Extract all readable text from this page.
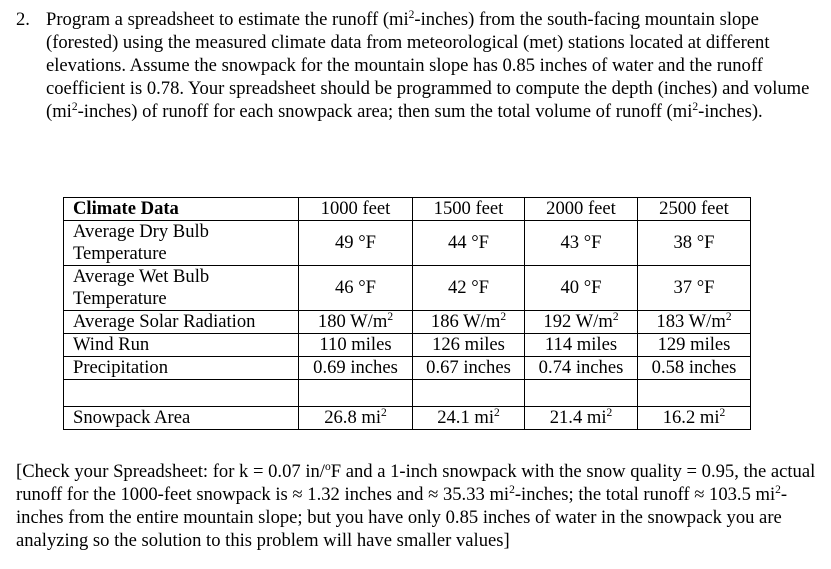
2. Program a spreadsheet to estimate the runoff $(mi^2-inches)$ from the south-facing mountain slope (forested) using the measured climate data from meteorological (met) stations located at different elevations. Assume the snowpack for the mountain slope has 0.85 inches of water and the runoff coefficient is 0.78. Your spreadsheet should be programmed to compute the depth (inches) and volume $(mi^2-inches)$ of runoff for each snowpack area; then sum the total volume of runoff $(mi^2-inches)$.
Climate Data	1000 feet	1500 feet	2000 feet	2500 feet
Average Dry Bulb Temperature	49 °F	44 °F	43 °F	38 °F
Average Wet Bulb Temperature	46 °F	42 °F	40 °F	37 °F
Average Solar Radiation	180 $W/m^2$	186 $W/m^2$	192 $W/m^2$	183 $W/m^2$
Wind Run	110 miles	126 miles	114 miles	129 miles
Precipitation	0.69 inches	0.67 inches	0.74 inches	0.58 inches

Snowpack Area	26.8 $mi^2$	24.1 $mi^2$	21.4 $mi^2$	16.2 $mi^2$
[Check your Spreadsheet: for k = 0.07 in/$^o$F and a 1-inch snowpack with the snow quality = 0.95, the actual runoff for the 1000-feet snowpack is ≈ 1.32 inches and ≈ 35.33 $mi^2$-inches; the total runoff ≈ 103.5 $mi^2$-inches from the entire mountain slope; but you have only 0.85 inches of water in the snowpack you are analyzing so the solution to this problem will have smaller values]
